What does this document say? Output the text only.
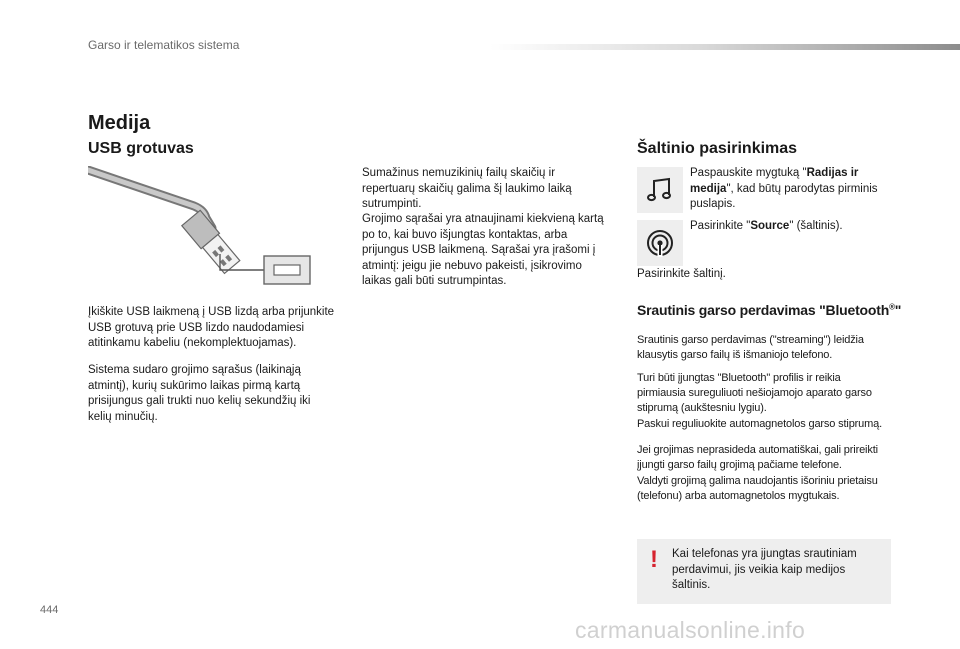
Garso ir telematikos sistema
Medija
USB grotuvas
Įkiškite USB laikmeną į USB lizdą arba prijunkite USB grotuvą prie USB lizdo naudodamiesi atitinkamu kabeliu (nekomplektuojamas).
Sistema sudaro grojimo sąrašus (laikinąją atmintį), kurių sukūrimo laikas pirmą kartą prisijungus gali trukti nuo kelių sekundžių iki kelių minučių.
Sumažinus nemuzikinių failų skaičių ir repertuarų skaičių galima šį laukimo laiką sutrumpinti.
Grojimo sąrašai yra atnaujinami kiekvieną kartą po to, kai buvo išjungtas kontaktas, arba prijungus USB laikmeną. Sąrašai yra įrašomi į atmintį: jeigu jie nebuvo pakeisti, įsikrovimo laikas gali būti sutrumpintas.
Šaltinio pasirinkimas
Paspauskite mygtuką "Radijas ir medija", kad būtų parodytas pirminis puslapis.
Pasirinkite "Source" (šaltinis).
Pasirinkite šaltinį.
Srautinis garso perdavimas "Bluetooth®"
Srautinis garso perdavimas ("streaming") leidžia klausytis garso failų iš išmaniojo telefono.
Turi būti įjungtas "Bluetooth" profilis ir reikia pirmiausia sureguliuoti nešiojamojo aparato garso stiprumą (aukštesniu lygiu).
Paskui reguliuokite automagnetolos garso stiprumą.
Jei grojimas neprasideda automatiškai, gali prireikti įjungti garso failų grojimą pačiame telefone.
Valdyti grojimą galima naudojantis išoriniu prietaisu (telefonu) arba automagnetolos mygtukais.
!	Kai telefonas yra įjungtas srautiniam perdavimui, jis veikia kaip medijos šaltinis.
444
carmanualsonline.info
